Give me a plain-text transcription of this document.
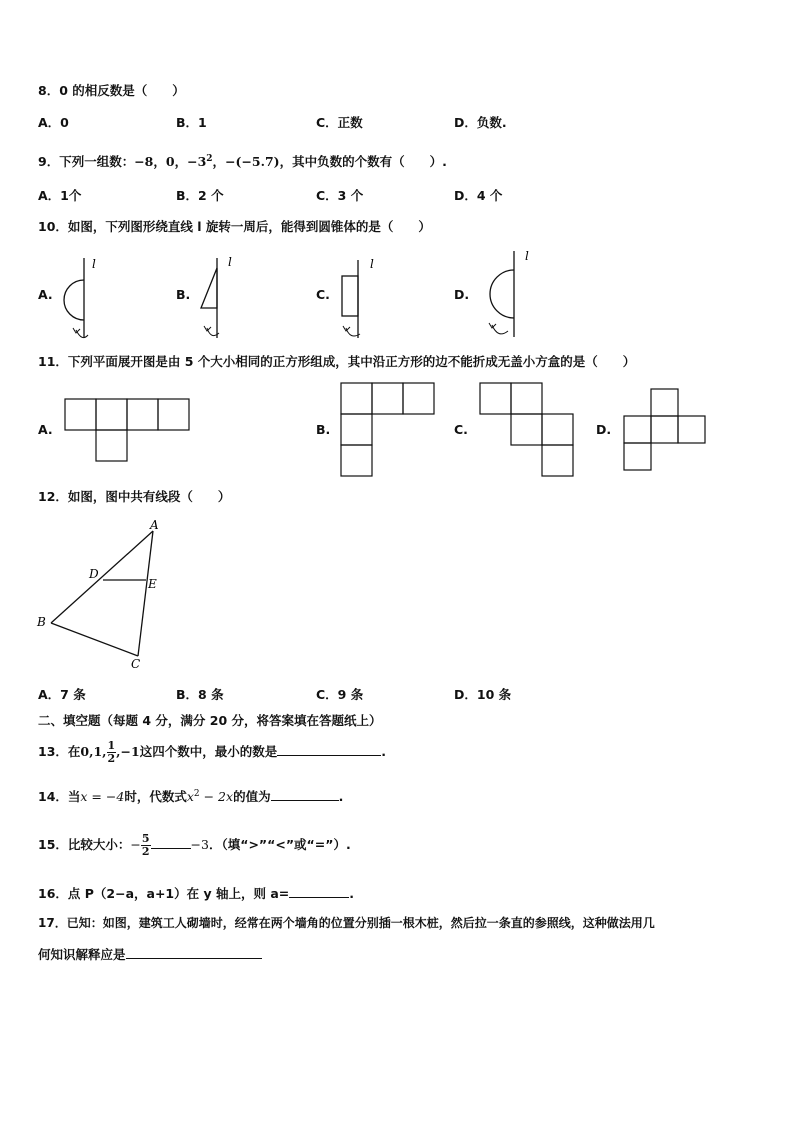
8．0 的相反数是（　　）
A．0	B．1	C．正数	D．负数.
9．下列一组数：−8，0，$-3^2$，−(−5.7)，其中负数的个数有（　　）.
A．1个	B．2 个	C．3 个	D．4 个
10．如图，下列图形绕直线 l 旋转一周后，能得到圆锥体的是（　　）
A.
l
B.
l
C.
l
D.
l
11．下列平面展开图是由 5 个大小相同的正方形组成，其中沿正方形的边不能折成无盖小方盒的是（　　）
A.	B.	C.	D.
12．如图，图中共有线段（　　）
A
D
E
B
C
A．7 条	B．8 条	C．9 条	D．10 条
二、填空题（每题 4 分，满分 20 分，将答案填在答题纸上）
13．在0,1, $\frac{1}{2} ,-1$这四个数中，最小的数是	.
14．当x = −4时，代数式$x^2 - 2x$的值为	.
15．比较大小：− $\frac{5}{2}$	−3．（填“>”“<”或“=”）.
16．点 P（2−a，a+1）在 y 轴上，则 a=	.
17．已知：如图，建筑工人砌墙时，经常在两个墙角的位置分别插一根木桩，然后拉一条直的参照线，这种做法用几
何知识解释应是
